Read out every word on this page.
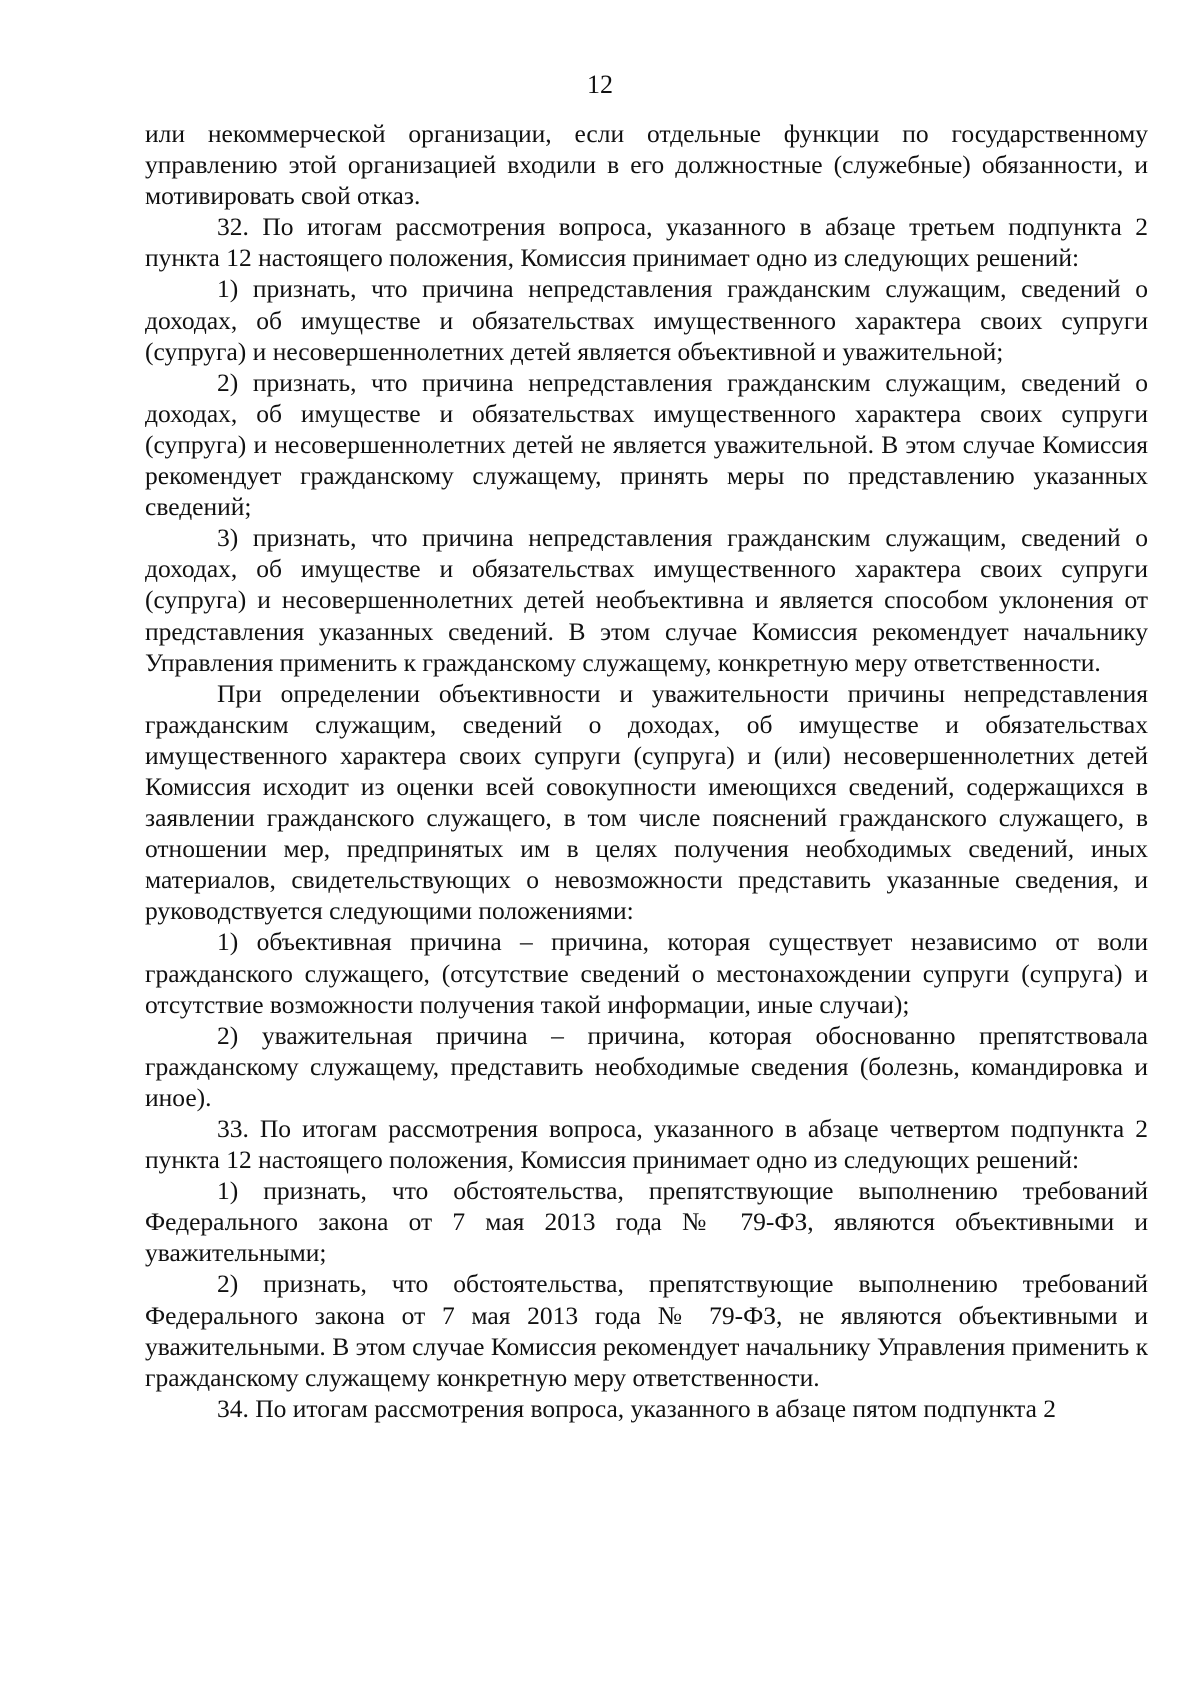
12

или некоммерческой организации, если отдельные функции по государственному управлению этой организацией входили в его должностные (служебные) обязанности, и мотивировать свой отказ.

32. По итогам рассмотрения вопроса, указанного в абзаце третьем подпункта 2 пункта 12 настоящего положения, Комиссия принимает одно из следующих решений:

1) признать, что причина непредставления гражданским служащим, сведений о доходах, об имуществе и обязательствах имущественного характера своих супруги (супруга) и несовершеннолетних детей является объективной и уважительной;

2) признать, что причина непредставления гражданским служащим, сведений о доходах, об имуществе и обязательствах имущественного характера своих супруги (супруга) и несовершеннолетних детей не является уважительной. В этом случае Комиссия рекомендует гражданскому служащему, принять меры по представлению указанных сведений;

3) признать, что причина непредставления гражданским служащим, сведений о доходах, об имуществе и обязательствах имущественного характера своих супруги (супруга) и несовершеннолетних детей необъективна и является способом уклонения от представления указанных сведений. В этом случае Комиссия рекомендует начальнику Управления применить к гражданскому служащему, конкретную меру ответственности.

При определении объективности и уважительности причины непредставления гражданским служащим, сведений о доходах, об имуществе и обязательствах имущественного характера своих супруги (супруга) и (или) несовершеннолетних детей Комиссия исходит из оценки всей совокупности имеющихся сведений, содержащихся в заявлении гражданского служащего, в том числе пояснений гражданского служащего, в отношении мер, предпринятых им в целях получения необходимых сведений, иных материалов, свидетельствующих о невозможности представить указанные сведения, и руководствуется следующими положениями:

1) объективная причина – причина, которая существует независимо от воли гражданского служащего, (отсутствие сведений о местонахождении супруги (супруга) и отсутствие возможности получения такой информации, иные случаи);

2) уважительная причина – причина, которая обоснованно препятствовала гражданскому служащему, представить необходимые сведения (болезнь, командировка и иное).

33. По итогам рассмотрения вопроса, указанного в абзаце четвертом подпункта 2 пункта 12 настоящего положения, Комиссия принимает одно из следующих решений:

1) признать, что обстоятельства, препятствующие выполнению требований Федерального закона от 7 мая 2013 года № 79-ФЗ, являются объективными и уважительными;

2) признать, что обстоятельства, препятствующие выполнению требований Федерального закона от 7 мая 2013 года № 79-ФЗ, не являются объективными и уважительными. В этом случае Комиссия рекомендует начальнику Управления применить к гражданскому служащему конкретную меру ответственности.

34. По итогам рассмотрения вопроса, указанного в абзаце пятом подпункта 2
